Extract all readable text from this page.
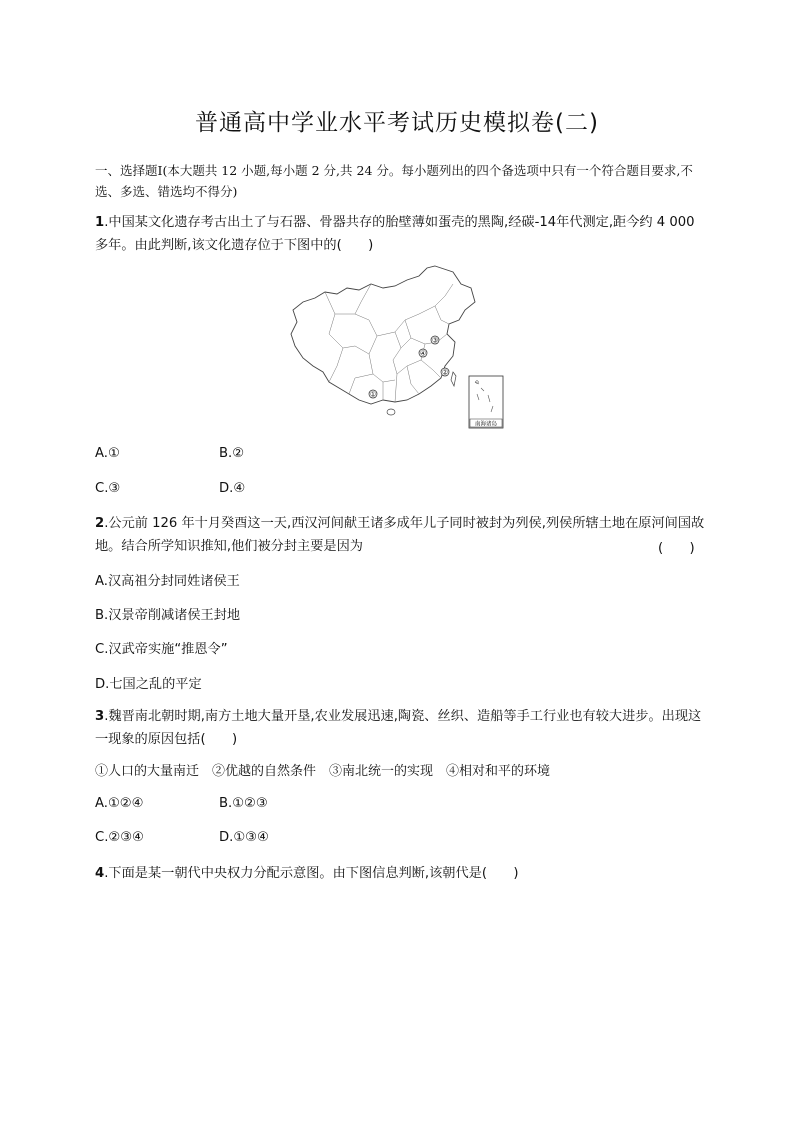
普通高中学业水平考试历史模拟卷(二)
一、选择题Ⅰ(本大题共 12 小题,每小题 2 分,共 24 分。每小题列出的四个备选项中只有一个符合题目要求,不选、多选、错选均不得分)
1.中国某文化遗存考古出土了与石器、骨器共存的胎壁薄如蛋壳的黑陶,经碳-14年代测定,距今约 4 000 多年。由此判断,该文化遗存位于下图中的(　　)
③
④
②
①
南海诸岛
A.①	B.②
C.③	D.④
2.公元前 126 年十月癸酉这一天,西汉河间献王诸多成年儿子同时被封为列侯,列侯所辖土地在原河间国故地。结合所学知识推知,他们被分封主要是因为	(　　)
A.汉高祖分封同姓诸侯王
B.汉景帝削减诸侯王封地
C.汉武帝实施“推恩令”
D.七国之乱的平定
3.魏晋南北朝时期,南方土地大量开垦,农业发展迅速,陶瓷、丝织、造船等手工行业也有较大进步。出现这一现象的原因包括(　　)
①人口的大量南迁　②优越的自然条件　③南北统一的实现　④相对和平的环境
A.①②④	B.①②③
C.②③④	D.①③④
4.下面是某一朝代中央权力分配示意图。由下图信息判断,该朝代是(　　)
